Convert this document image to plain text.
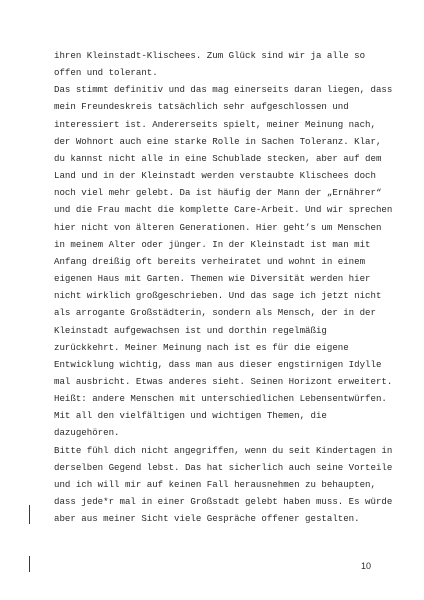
ihren Kleinstadt-Klischees. Zum Glück sind wir ja alle so
offen und tolerant.
Das stimmt definitiv und das mag einerseits daran liegen, dass
mein Freundeskreis tatsächlich sehr aufgeschlossen und
interessiert ist. Andererseits spielt, meiner Meinung nach,
der Wohnort auch eine starke Rolle in Sachen Toleranz. Klar,
du kannst nicht alle in eine Schublade stecken, aber auf dem
Land und in der Kleinstadt werden verstaubte Klischees doch
noch viel mehr gelebt. Da ist häufig der Mann der „Ernährer“
und die Frau macht die komplette Care-Arbeit. Und wir sprechen
hier nicht von älteren Generationen. Hier geht’s um Menschen
in meinem Alter oder jünger. In der Kleinstadt ist man mit
Anfang dreißig oft bereits verheiratet und wohnt in einem
eigenen Haus mit Garten. Themen wie Diversität werden hier
nicht wirklich großgeschrieben. Und das sage ich jetzt nicht
als arrogante Großstädterin, sondern als Mensch, der in der
Kleinstadt aufgewachsen ist und dorthin regelmäßig
zurückkehrt. Meiner Meinung nach ist es für die eigene
Entwicklung wichtig, dass man aus dieser engstirnigen Idylle
mal ausbricht. Etwas anderes sieht. Seinen Horizont erweitert.
Heißt: andere Menschen mit unterschiedlichen Lebensentwürfen.
Mit all den vielfältigen und wichtigen Themen, die
dazugehören.
Bitte fühl dich nicht angegriffen, wenn du seit Kindertagen in
derselben Gegend lebst. Das hat sicherlich auch seine Vorteile
und ich will mir auf keinen Fall herausnehmen zu behaupten,
dass jede*r mal in einer Großstadt gelebt haben muss. Es würde
aber aus meiner Sicht viele Gespräche offener gestalten.
10
